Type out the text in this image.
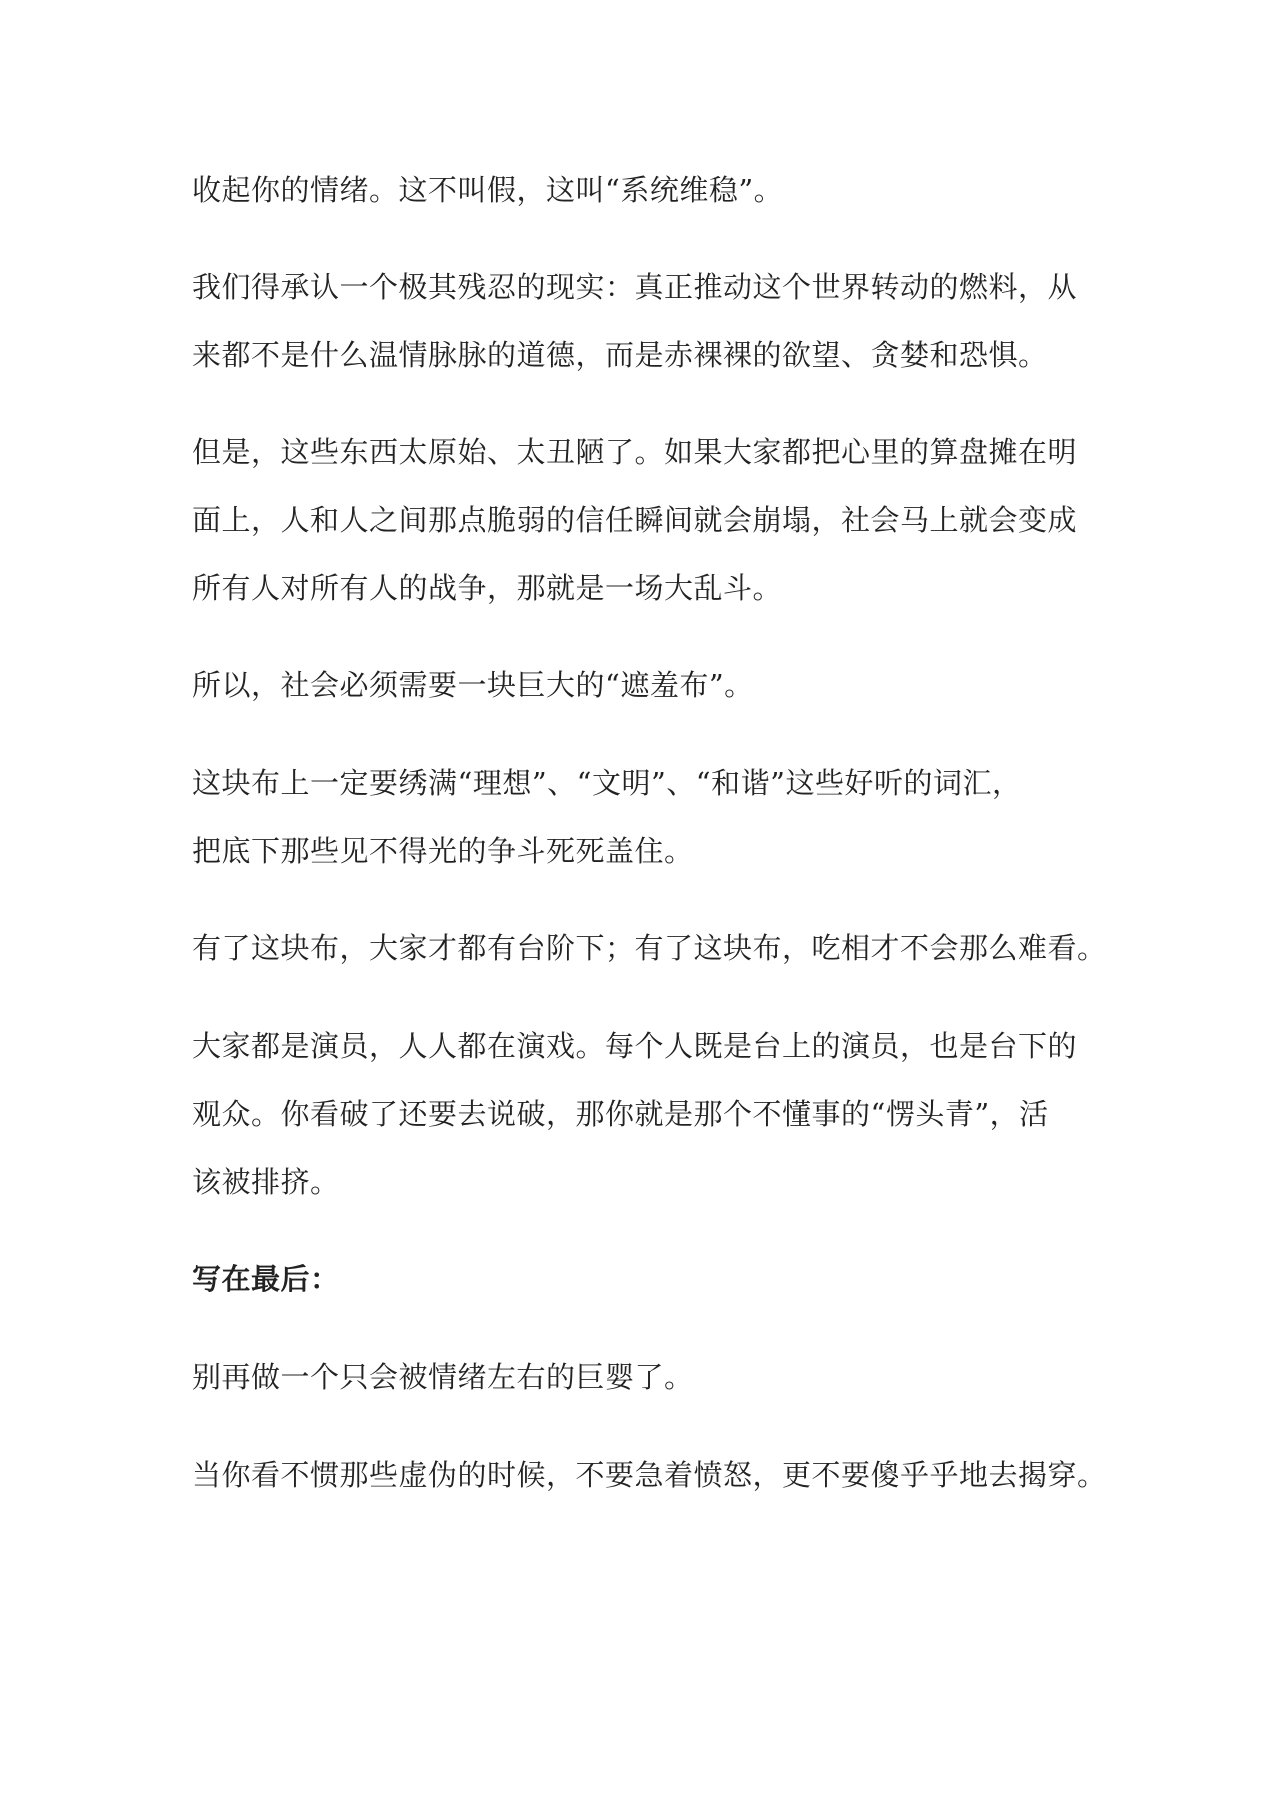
收起你的情绪。这不叫假，这叫“系统维稳”。

我们得承认一个极其残忍的现实：真正推动这个世界转动的燃料，从
来都不是什么温情脉脉的道德，而是赤裸裸的欲望、贪婪和恐惧。

但是，这些东西太原始、太丑陋了。如果大家都把心里的算盘摊在明
面上，人和人之间那点脆弱的信任瞬间就会崩塌，社会马上就会变成
所有人对所有人的战争，那就是一场大乱斗。

所以，社会必须需要一块巨大的“遮羞布”。

这块布上一定要绣满“理想”、“文明”、“和谐”这些好听的词汇，
把底下那些见不得光的争斗死死盖住。

有了这块布，大家才都有台阶下；有了这块布，吃相才不会那么难看。

大家都是演员，人人都在演戏。每个人既是台上的演员，也是台下的
观众。你看破了还要去说破，那你就是那个不懂事的“愣头青”，活
该被排挤。

写在最后：

别再做一个只会被情绪左右的巨婴了。

当你看不惯那些虚伪的时候，不要急着愤怒，更不要傻乎乎地去揭穿。
